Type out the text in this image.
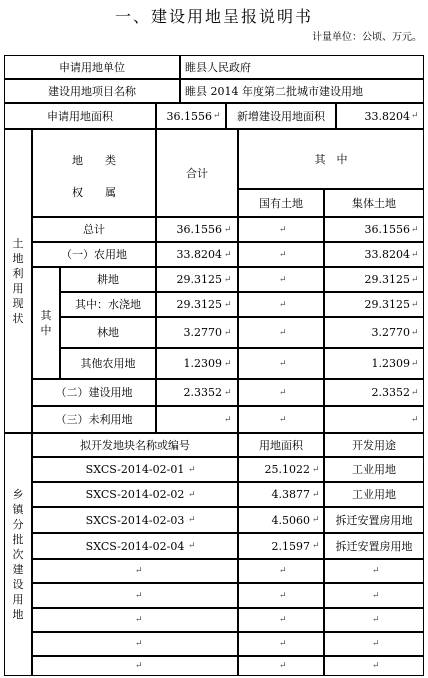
一、建设用地呈报说明书
计量单位：公顷、万元。
申请用地单位	睢县人民政府
建设用地项目名称	睢县 2014 年度第二批城市建设用地
申请用地面积	36.1556 ↵	新增建设用地面积	33.8204 ↵
土地利用现状
地　　类
权　　属
合计
其　中
国有土地	集体土地
总计	36.1556 ↵	↵	36.1556 ↵
（一）农用地	33.8204 ↵	↵	33.8204 ↵
耕地	29.3125 ↵	↵	29.3125 ↵
其中：水浇地	29.3125 ↵	↵	29.3125 ↵
林地	3.2770 ↵	↵	3.2770 ↵
其他农用地	1.2309 ↵	↵	1.2309 ↵
（二）建设用地	2.3352 ↵	↵	2.3352 ↵
（三）未利用地	↵	↵	↵
其中
乡镇分批次建设用地
拟开发地块名称或编号	用地面积	开发用途
SXCS-2014-02-01 ↵	25.1022 ↵	工业用地
SXCS-2014-02-02 ↵	4.3877 ↵	工业用地
SXCS-2014-02-03 ↵	4.5060 ↵	拆迁安置房用地
SXCS-2014-02-04 ↵	2.1597 ↵	拆迁安置房用地
↵	↵	↵
↵	↵	↵
↵	↵	↵
↵	↵	↵
↵	↵	↵
